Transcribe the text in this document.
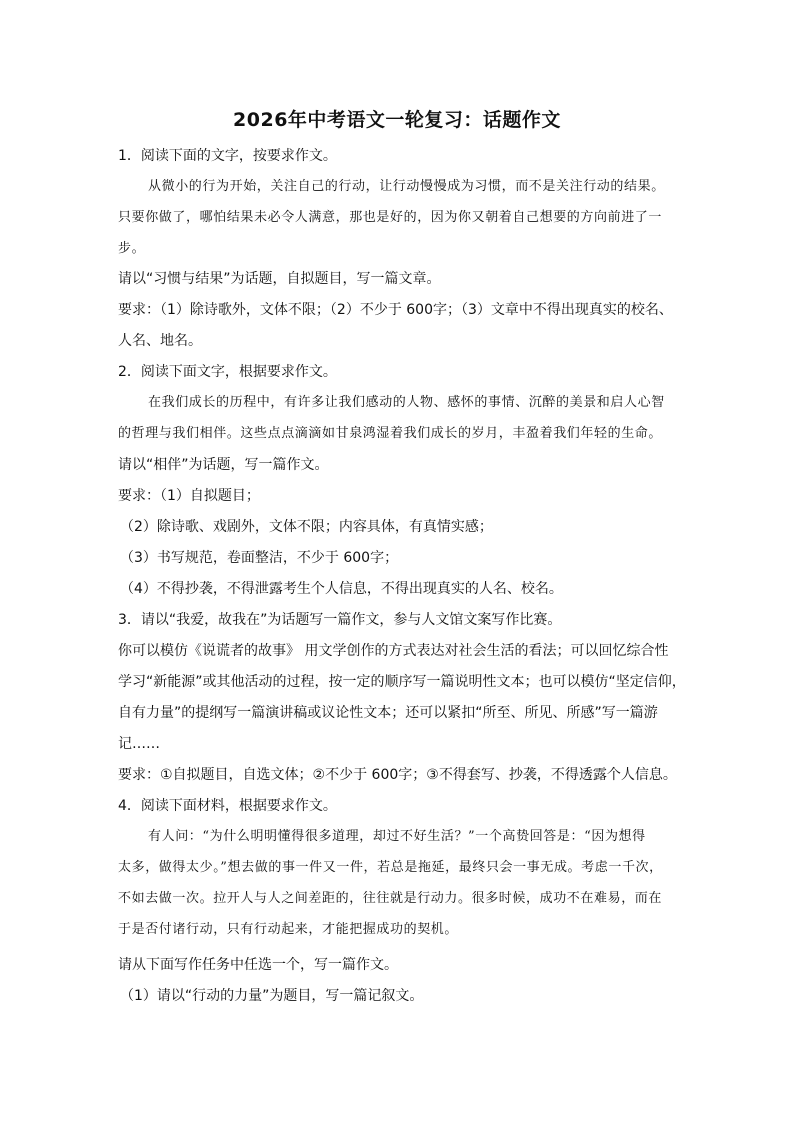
2026年中考语文一轮复习：话题作文
1．阅读下面的文字，按要求作文。
从微小的行为开始，关注自己的行动，让行动慢慢成为习惯，而不是关注行动的结果。
只要你做了，哪怕结果未必令人满意，那也是好的，因为你又朝着自己想要的方向前进了一
步。
请以“习惯与结果”为话题，自拟题目，写一篇文章。
要求：（1）除诗歌外，文体不限；（2）不少于 600字；（3）文章中不得出现真实的校名、
人名、地名。
2．阅读下面文字，根据要求作文。
在我们成长的历程中，有许多让我们感动的人物、感怀的事情、沉醉的美景和启人心智
的哲理与我们相伴。这些点点滴滴如甘泉鸿湿着我们成长的岁月，丰盈着我们年轻的生命。
请以“相伴”为话题，写一篇作文。
要求：（1）自拟题目；
（2）除诗歌、戏剧外，文体不限；内容具体，有真情实感；
（3）书写规范，卷面整洁，不少于 600字；
（4）不得抄袭，不得泄露考生个人信息，不得出现真实的人名、校名。
3．请以“我爱，故我在”为话题写一篇作文，参与人文馆文案写作比赛。
你可以模仿《说谎者的故事》 用文学创作的方式表达对社会生活的看法；可以回忆综合性
学习“新能源”或其他活动的过程，按一定的顺序写一篇说明性文本；也可以模仿“坚定信仰，
自有力量”的提纲写一篇演讲稿或议论性文本；还可以紧扣“所至、所见、所感”写一篇游
记……
要求：①自拟题目，自选文体；②不少于 600字；③不得套写、抄袭，不得透露个人信息。
4．阅读下面材料，根据要求作文。
有人问：“为什么明明懂得很多道理，却过不好生活？”一个高贽回答是：“因为想得
太多，做得太少。”想去做的事一件又一件，若总是拖延，最终只会一事无成。考虑一千次，
不如去做一次。拉开人与人之间差距的，往往就是行动力。很多时候，成功不在难易，而在
于是否付诸行动，只有行动起来，才能把握成功的契机。
请从下面写作任务中任选一个，写一篇作文。
（1）请以“行动的力量”为题目，写一篇记叙文。
